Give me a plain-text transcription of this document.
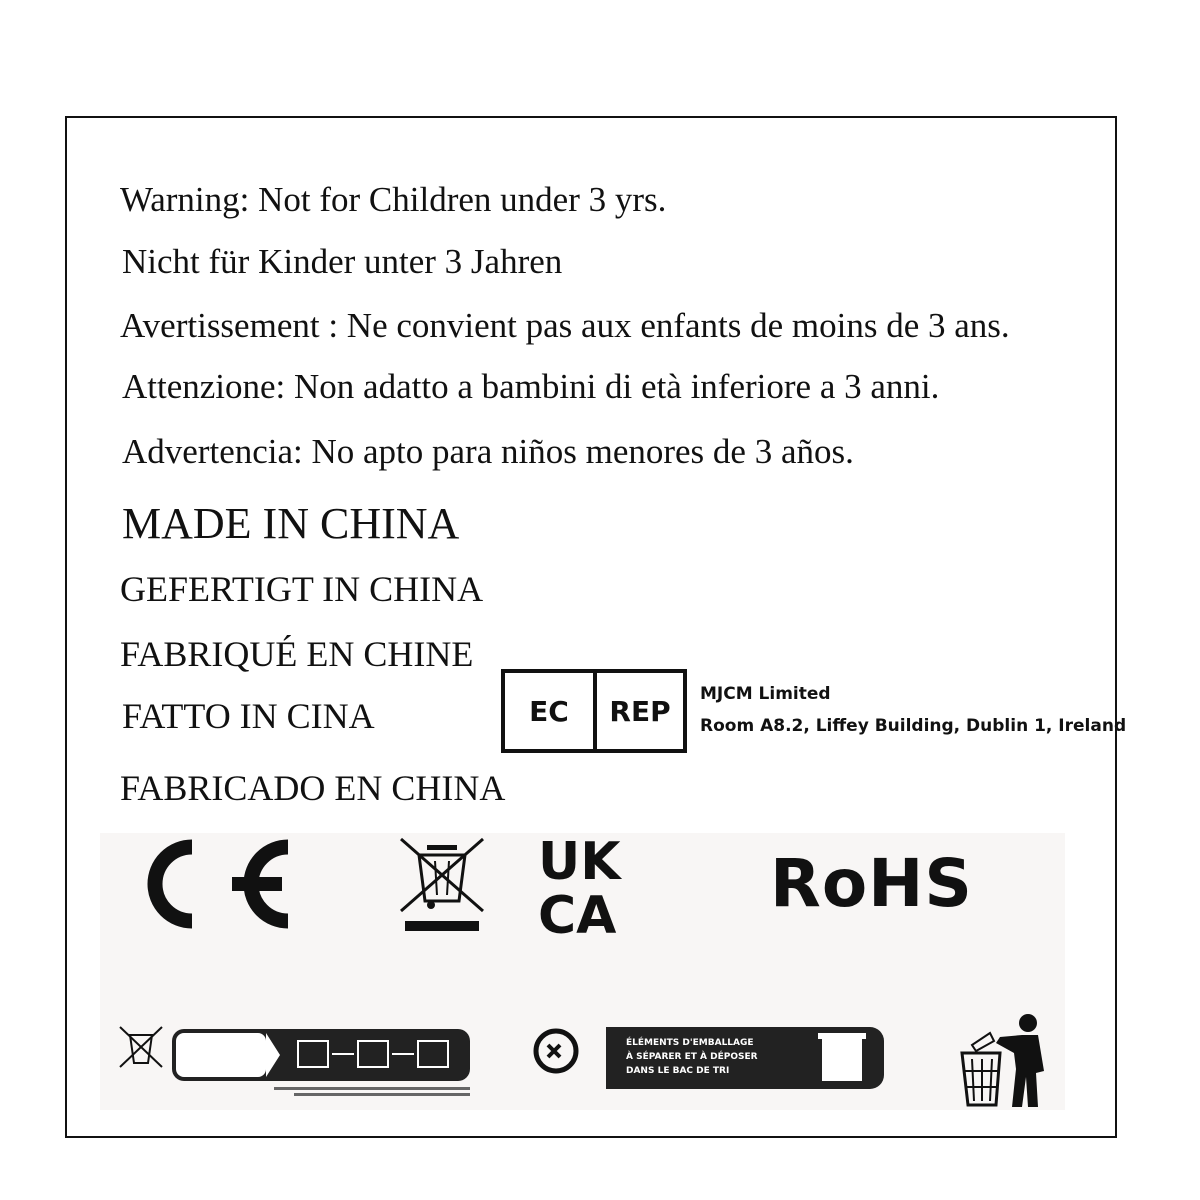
Warning: Not for Children under 3 yrs.
Nicht für Kinder unter 3 Jahren
Avertissement : Ne convient pas aux enfants de moins de 3 ans.
Attenzione: Non adatto a bambini di età inferiore a 3 anni.
Advertencia: No apto para niños menores de 3 años.
MADE IN CHINA
GEFERTIGT IN CHINA
FABRIQUÉ EN CHINE
FATTO IN CINA
FABRICADO EN CHINA
EC	REP
MJCM Limited
Room A8.2, Liffey Building, Dublin 1, Ireland
UK
CA RoHS
ÉLÉMENTS D'EMBALLAGE
À SÉPARER ET À DÉPOSER
DANS LE BAC DE TRI
